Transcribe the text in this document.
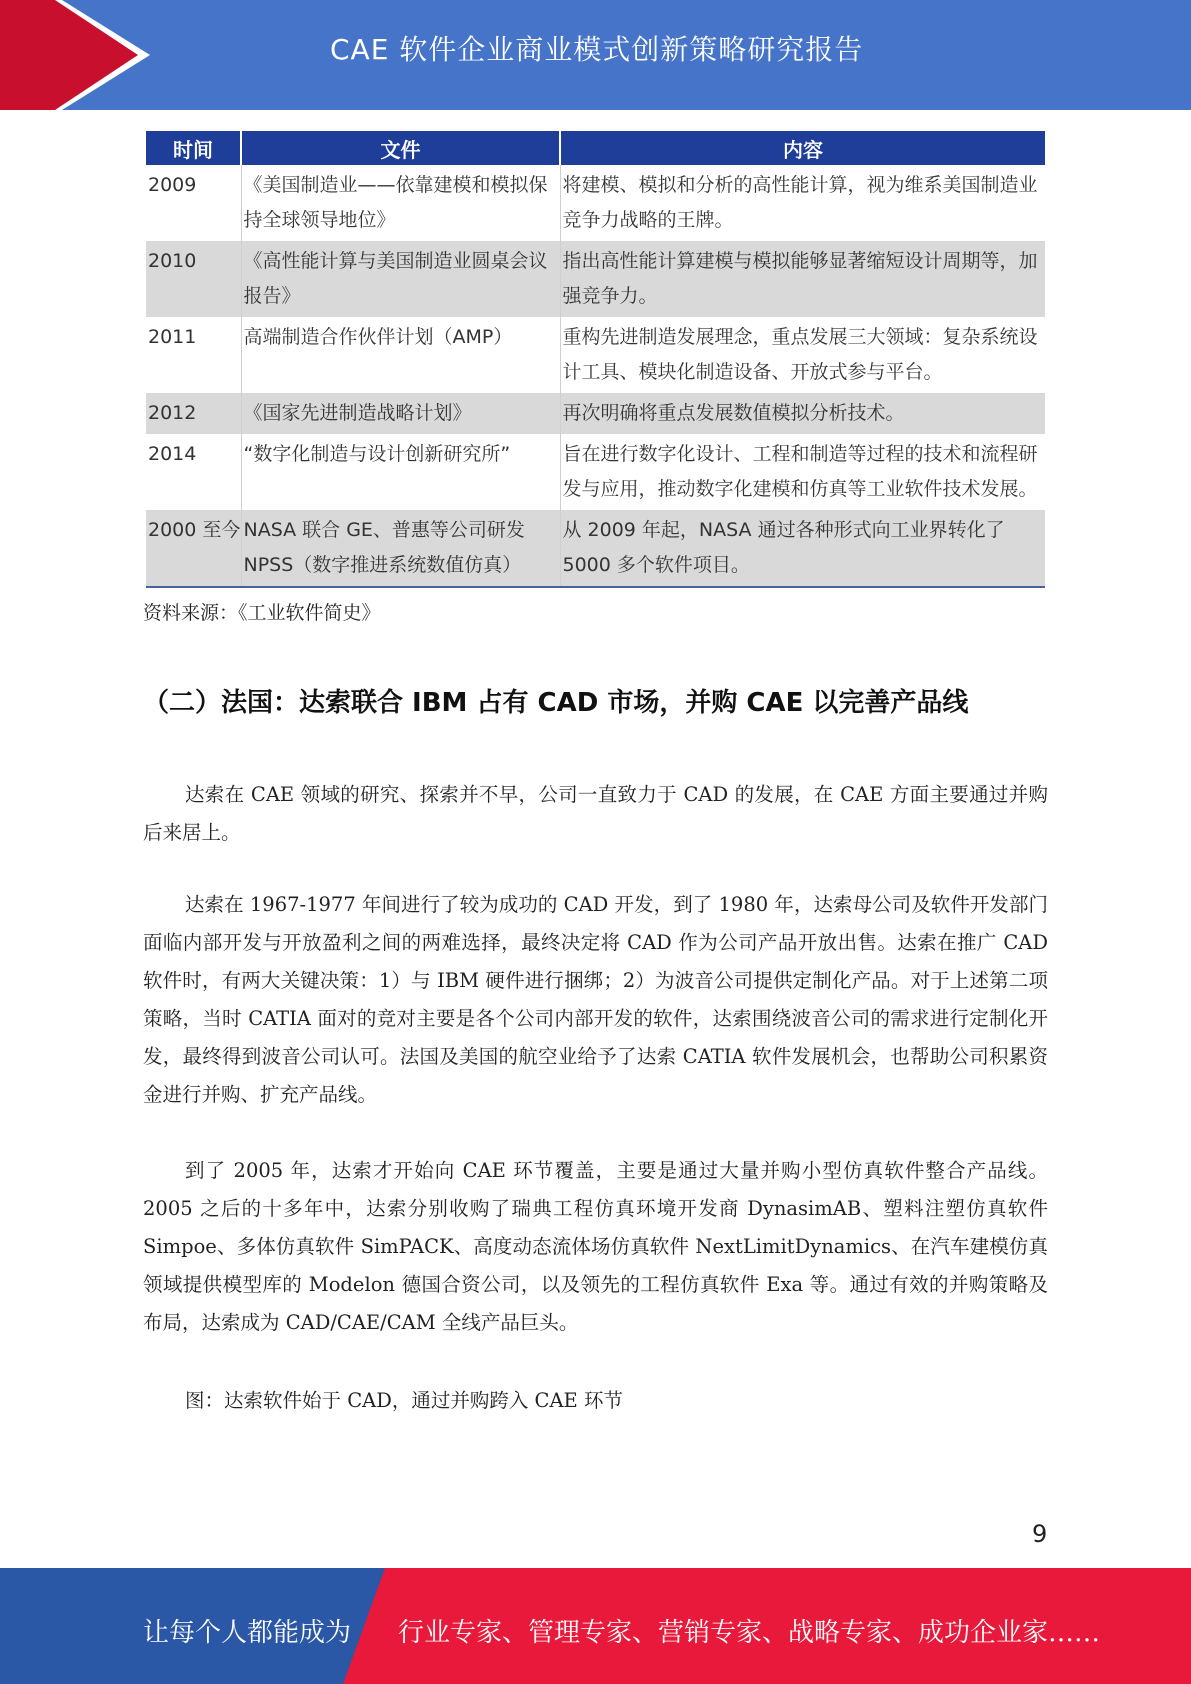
CAE 软件企业商业模式创新策略研究报告
时间	文件	内容
2009	《美国制造业——依靠建模和模拟保持全球领导地位》	将建模、模拟和分析的高性能计算，视为维系美国制造业竞争力战略的王牌。
2010	《高性能计算与美国制造业圆桌会议报告》	指出高性能计算建模与模拟能够显著缩短设计周期等，加强竞争力。
2011	高端制造合作伙伴计划（AMP）	重构先进制造发展理念，重点发展三大领域：复杂系统设计工具、模块化制造设备、开放式参与平台。
2012	《国家先进制造战略计划》	再次明确将重点发展数值模拟分析技术。
2014	“数字化制造与设计创新研究所”	旨在进行数字化设计、工程和制造等过程的技术和流程研发与应用，推动数字化建模和仿真等工业软件技术发展。
2000 至今	NASA 联合 GE、普惠等公司研发 NPSS（数字推进系统数值仿真）	从 2009 年起，NASA 通过各种形式向工业界转化了 5000 多个软件项目。
资料来源：《工业软件简史》
（二）法国：达索联合 IBM 占有 CAD 市场，并购 CAE 以完善产品线

达索在 CAE 领域的研究、探索并不早，公司一直致力于 CAD 的发展，在 CAE 方面主要通过并购后来居上。

达索在 1967-1977 年间进行了较为成功的 CAD 开发，到了 1980 年，达索母公司及软件开发部门面临内部开发与开放盈利之间的两难选择，最终决定将 CAD 作为公司产品开放出售。达索在推广 CAD 软件时，有两大关键决策：1）与 IBM 硬件进行捆绑；2）为波音公司提供定制化产品。对于上述第二项策略，当时 CATIA 面对的竞对主要是各个公司内部开发的软件，达索围绕波音公司的需求进行定制化开发，最终得到波音公司认可。法国及美国的航空业给予了达索 CATIA 软件发展机会，也帮助公司积累资金进行并购、扩充产品线。

到了 2005 年，达索才开始向 CAE 环节覆盖，主要是通过大量并购小型仿真软件整合产品线。2005 之后的十多年中，达索分别收购了瑞典工程仿真环境开发商 DynasimAB、塑料注塑仿真软件 Simpoe、多体仿真软件 SimPACK、高度动态流体场仿真软件 NextLimitDynamics、在汽车建模仿真领域提供模型库的 Modelon 德国合资公司，以及领先的工程仿真软件 Exa 等。通过有效的并购策略及布局，达索成为 CAD/CAE/CAM 全线产品巨头。

图：达索软件始于 CAD，通过并购跨入 CAE 环节

9
让每个人都能成为 行业专家、管理专家、营销专家、战略专家、成功企业家……
